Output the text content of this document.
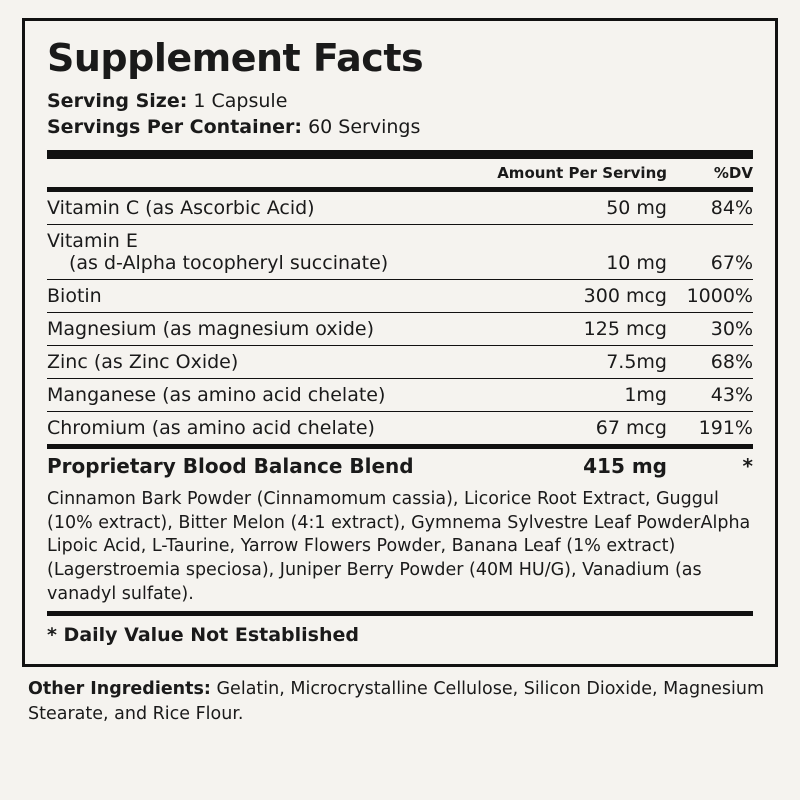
Supplement Facts

Serving Size: 1 Capsule

Servings Per Container: 60 Servings

	Amount Per Serving	%DV
Vitamin C (as Ascorbic Acid)	50 mg	84%
Vitamin E
(as d-Alpha tocopheryl succinate)	10 mg	67%
Biotin	300 mcg	1000%
Magnesium (as magnesium oxide)	125 mcg	30%
Zinc (as Zinc Oxide)	7.5mg	68%
Manganese (as amino acid chelate)	1mg	43%
Chromium (as amino acid chelate)	67 mcg	191%
Proprietary Blood Balance Blend	415 mg	*
Cinnamon Bark Powder (Cinnamomum cassia), Licorice Root Extract, Guggul (10% extract), Bitter Melon (4:1 extract), Gymnema Sylvestre Leaf PowderAlpha Lipoic Acid, L-Taurine, Yarrow Flowers Powder, Banana Leaf (1% extract) (Lagerstroemia speciosa), Juniper Berry Powder (40M HU/G), Vanadium (as vanadyl sulfate).
* Daily Value Not Established

Other Ingredients: Gelatin, Microcrystalline Cellulose, Silicon Dioxide, Magnesium Stearate, and Rice Flour.
